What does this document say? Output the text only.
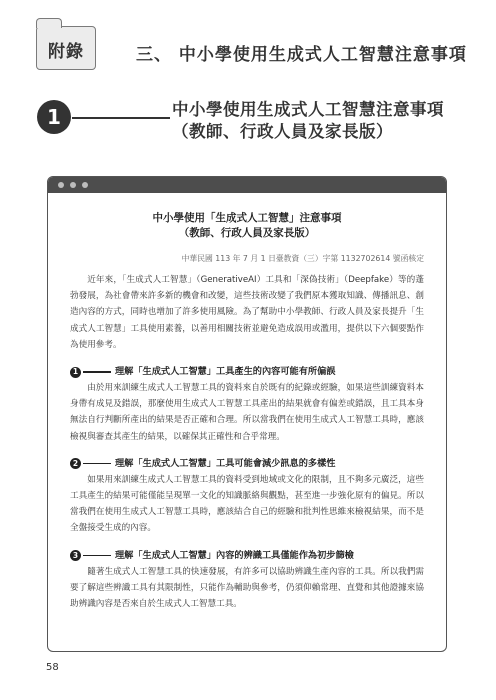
附錄	三、 中小學使用生成式人工智慧注意事項
1	中小學使用生成式人工智慧注意事項
（教師、行政人員及家長版）
中小學使用「生成式人工智慧」注意事項
（教師、行政人員及家長版）
中華民國 113 年 7 月 1 日臺教資（三）字第 1132702614 號函核定
近年來，「生成式人工智慧」（GenerativeAI）工具和「深偽技術」（Deepfake）等的蓬勃發展，為社會帶來許多新的機會和改變，這些技術改變了我們原本獲取知識、傳播訊息、創造內容的方式，同時也增加了許多使用風險。為了幫助中小學教師、行政人員及家長提升「生成式人工智慧」工具使用素養，以善用相關技術並避免造成誤用或濫用，提供以下六個要點作為使用參考。
1	理解「生成式人工智慧」工具產生的內容可能有所偏誤
由於用來訓練生成式人工智慧工具的資料來自於既有的紀錄或經驗，如果這些訓練資料本身帶有成見及錯誤，那麼使用生成式人工智慧工具產出的結果就會有偏差或錯誤，且工具本身無法自行判斷所產出的結果是否正確和合理。所以當我們在使用生成式人工智慧工具時，應該檢視與審查其產生的結果，以確保其正確性和合乎常理。
2	理解「生成式人工智慧」工具可能會減少訊息的多樣性
如果用來訓練生成式人工智慧工具的資料受到地域或文化的限制，且不夠多元廣泛，這些工具產生的結果可能僅能呈現單一文化的知識脈絡與觀點，甚至進一步強化原有的偏見。所以當我們在使用生成式人工智慧工具時，應該結合自己的經驗和批判性思維來檢視結果，而不是全盤接受生成的內容。
3	理解「生成式人工智慧」內容的辨識工具僅能作為初步篩檢
隨著生成式人工智慧工具的快速發展，有許多可以協助辨識生產內容的工具。所以我們需要了解這些辨識工具有其限制性，只能作為輔助與參考，仍須仰賴常理、直覺和其他證據來協助辨識內容是否來自於生成式人工智慧工具。
58
